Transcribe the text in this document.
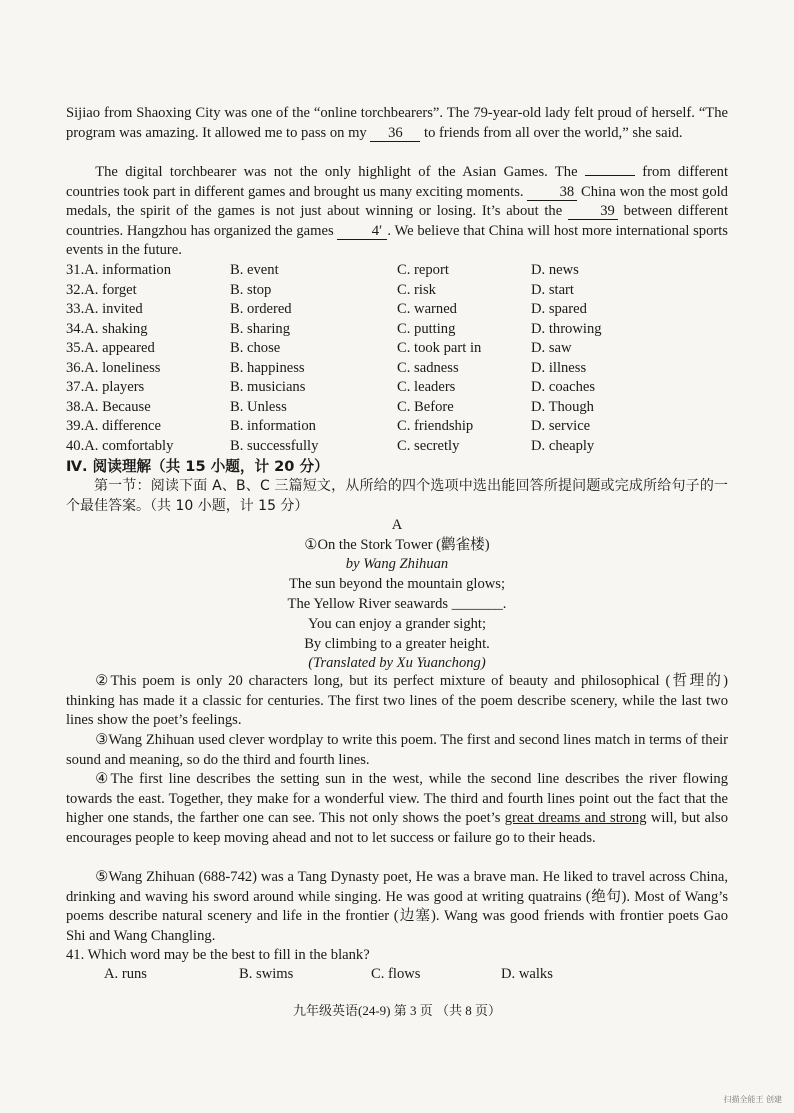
Sijiao from Shaoxing City was one of the “online torchbearers”. The 79-year-old lady felt proud of herself. “The program was amazing. It allowed me to pass on my 36 to friends from all over the world,” she said.

The digital torchbearer was not the only highlight of the Asian Games. The	from different countries took part in different games and brought us many exciting moments. 38 China won the most gold medals, the spirit of the games is not just about winning or losing. It’s about the 39 between different countries. Hangzhou has organized the games 4′ . We believe that China will host more international sports events in the future.

31.A. information	B. event	C. report	D. news
32.A. forget	B. stop	C. risk	D. start
33.A. invited	B. ordered	C. warned	D. spared
34.A. shaking	B. sharing	C. putting	D. throwing
35.A. appeared	B. chose	C. took part in	D. saw
36.A. loneliness	B. happiness	C. sadness	D. illness
37.A. players	B. musicians	C. leaders	D. coaches
38.A. Because	B. Unless	C. Before	D. Though
39.A. difference	B. information	C. friendship	D. service
40.A. comfortably	B. successfully	C. secretly	D. cheaply
Ⅳ. 阅读理解（共 15 小题，计 20 分）

第一节：阅读下面 A、B、C 三篇短文，从所给的四个选项中选出能回答所提问题或完成所给句子的一个最佳答案。（共 10 小题，计 15 分）

A
①On the Stork Tower (鹳雀楼)
by Wang Zhihuan
The sun beyond the mountain glows;
The Yellow River seawards _______.
You can enjoy a grander sight;
By climbing to a greater height.
(Translated by Xu Yuanchong)

②This poem is only 20 characters long, but its perfect mixture of beauty and philosophical (哲理的) thinking has made it a classic for centuries. The first two lines of the poem describe scenery, while the last two lines show the poet’s feelings.

③Wang Zhihuan used clever wordplay to write this poem. The first and second lines match in terms of their sound and meaning, so do the third and fourth lines.

④The first line describes the setting sun in the west, while the second line describes the river flowing towards the east. Together, they make for a wonderful view. The third and fourth lines point out the fact that the higher one stands, the farther one can see. This not only shows the poet’s great dreams and strong will, but also encourages people to keep moving ahead and not to let success or failure go to their heads.

⑤Wang Zhihuan (688-742) was a Tang Dynasty poet, He was a brave man. He liked to travel across China, drinking and waving his sword around while singing. He was good at writing quatrains (绝句). Most of Wang’s poems describe natural scenery and life in the frontier (边塞). Wang was good friends with frontier poets Gao Shi and Wang Changling.

41. Which word may be the best to fill in the blank?
A. runs	B. swims	C. flows	D. walks
九年级英语(24-9) 第 3 页 （共 8 页）
扫描全能王 创建
